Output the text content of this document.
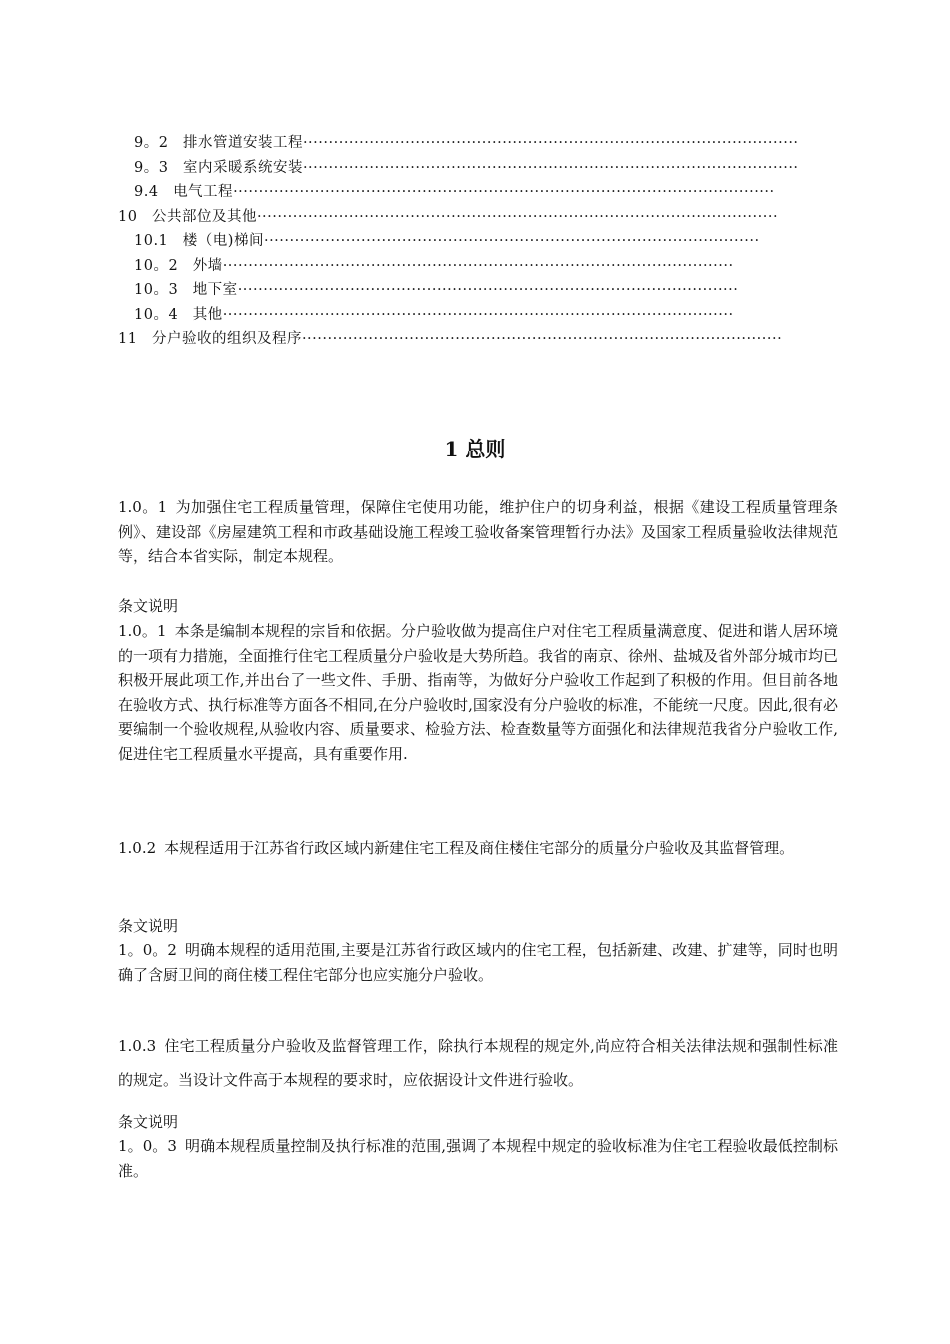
9。2　 排水管道安装工程·································································································
9。3　 室内采暖系统安装·································································································
9.4　 电气工程··········································································································
10　 公共部位及其他······································································································
10.1　 楼（电)梯间·································································································
10。2　 外墙····································································································
10。3　 地下室··································································································
10。4　 其他····································································································
11　 分户验收的组织及程序······························································································
1 总则
1.0。1 为加强住宅工程质量管理，保障住宅使用功能，维护住户的切身利益，根据《建设工程质量管理条例》、建设部《房屋建筑工程和市政基础设施工程竣工验收备案管理暂行办法》及国家工程质量验收法律规范等，结合本省实际，制定本规程。
条文说明
1.0。1 本条是编制本规程的宗旨和依据。分户验收做为提高住户对住宅工程质量满意度、促进和谐人居环境的一项有力措施，全面推行住宅工程质量分户验收是大势所趋。我省的南京、徐州、盐城及省外部分城市均已积极开展此项工作,并出台了一些文件、手册、指南等，为做好分户验收工作起到了积极的作用。但目前各地在验收方式、执行标准等方面各不相同,在分户验收时,国家没有分户验收的标准，不能统一尺度。因此,很有必要编制一个验收规程,从验收内容、质量要求、检验方法、检查数量等方面强化和法律规范我省分户验收工作,促进住宅工程质量水平提高，具有重要作用.
1.0.2 本规程适用于江苏省行政区域内新建住宅工程及商住楼住宅部分的质量分户验收及其监督管理。
条文说明
1。0。2 明确本规程的适用范围,主要是江苏省行政区域内的住宅工程，包括新建、改建、扩建等，同时也明确了含厨卫间的商住楼工程住宅部分也应实施分户验收。
1.0.3 住宅工程质量分户验收及监督管理工作，除执行本规程的规定外,尚应符合相关法律法规和强制性标准的规定。当设计文件高于本规程的要求时，应依据设计文件进行验收。
条文说明
1。0。3 明确本规程质量控制及执行标准的范围,强调了本规程中规定的验收标准为住宅工程验收最低控制标准。
